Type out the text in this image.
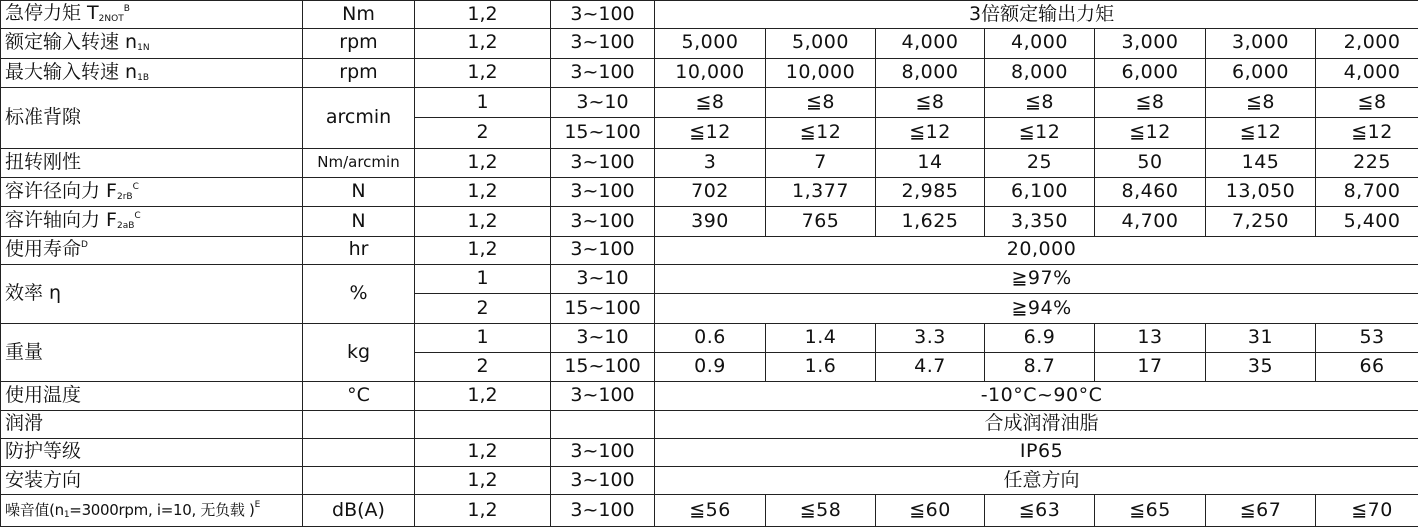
急停力矩 $T_{2NOT}^B$	Nm	1,2	3~100	3倍额定输出力矩						
额定输入转速 $n_{1N}$	rpm	1,2	3~100	5,000	5,000	4,000	4,000	3,000	3,000	2,000
最大输入转速 $n_{1B}$	rpm	1,2	3~100	10,000	10,000	8,000	8,000	6,000	6,000	4,000
标准背隙	arcmin	1	3~10	≦8	≦8	≦8	≦8	≦8	≦8	≦8
		2	15~100	≦12	≦12	≦12	≦12	≦12	≦12	≦12
扭转刚性	Nm/arcmin	1,2	3~100	3	7	14	25	50	145	225
容许径向力 $F_{2rB}^C$	N	1,2	3~100	702	1,377	2,985	6,100	8,460	13,050	8,700
容许轴向力 $F_{2aB}^C$	N	1,2	3~100	390	765	1,625	3,350	4,700	7,250	5,400
使用寿命$^D$	hr	1,2	3~100	20,000						
效率 η	%	1	3~10	≧97%						
		2	15~100	≧94%						
重量	kg	1	3~10	0.6	1.4	3.3	6.9	13	31	53
		2	15~100	0.9	1.6	4.7	8.7	17	35	66
使用温度	°C	1,2	3~100	-10°C~90°C						
润滑				合成润滑油脂						
防护等级		1,2	3~100	IP65						
安装方向		1,2	3~100	任意方向						
噪音值($n_1=3000rpm$, i=10, 无负载 )$^E$	dB(A)	1,2	3~100	≦56	≦58	≦60	≦63	≦65	≦67	≦70
